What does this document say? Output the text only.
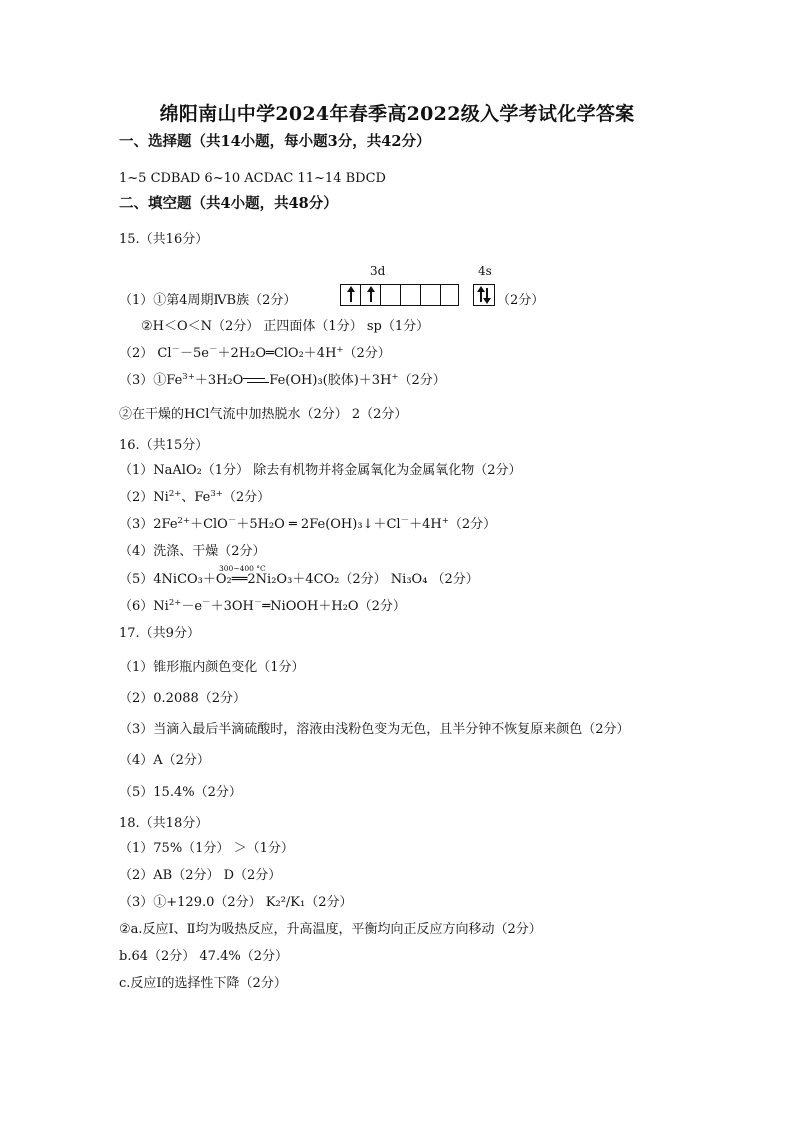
绵阳南山中学2024年春季高2022级入学考试化学答案
一、选择题（共14小题，每小题3分，共42分）
1~5 CDBAD 6~10 ACDAC 11~14 BDCD
二、填空题（共4小题，共48分）
15.（共16分）
3d	4s
（1）①第4周期ⅣB族（2分）	（2分）
②H＜O＜N（2分） 正四面体（1分） sp（1分）
（2） Cl－－5e－＋2H₂O═ClO₂＋4H+（2分）
$(3)①Fe^{3+}+3H_2O$ Fe(OH)₃(胶体)＋3H+（2分）
②在干燥的HCl气流中加热脱水（2分） 2（2分）
16.（共15分）
（1）NaAlO₂（1分） 除去有机物并将金属氧化为金属氧化物（2分）
$(2)Ni^{2+}$、$Fe^{3+}(2$分）
$(3)2Fe^{2+}+ClO^-+5H_2O$ ═ 2Fe(OH)₃↓＋Cl－＋4H+（2分）
（4）洗涤、干燥（2分）
300~400 °C
（5）4NiCO₃＋O₂══2Ni₂O₃＋4CO₂（2分） Ni₃O₄ （2分）
$(6)Ni^{2+}-e^-+3OH^-═NiOOH+H_2O(2$分）
17.（共9分）
（1）锥形瓶内颜色变化（1分）
（2）0.2088（2分）
（3）当滴入最后半滴硫酸时，溶液由浅粉色变为无色，且半分钟不恢复原来颜色（2分）
（4）A（2分）
（5）15.4%（2分）
18.（共18分）
（1）75%（1分） ＞（1分）
（2）AB（2分） D（2分）
（3）①+129.0（2分） K₂²/K₁（2分）
②a.反应Ⅰ、Ⅱ均为吸热反应，升高温度，平衡均向正反应方向移动（2分）
b.64（2分） 47.4%（2分）
c.反应Ⅰ的选择性下降（2分）
